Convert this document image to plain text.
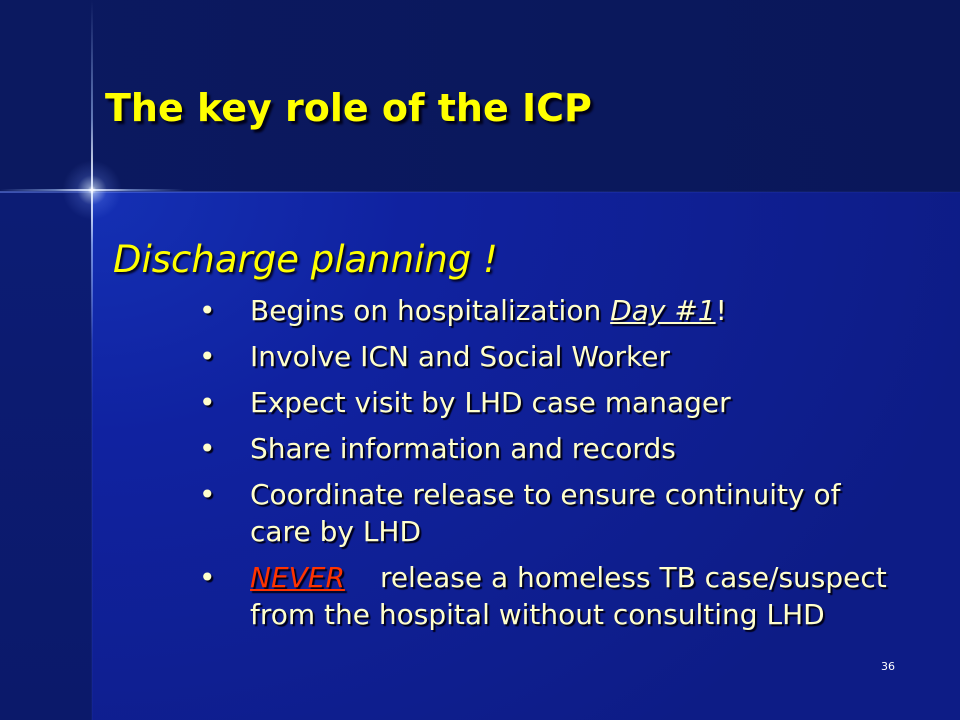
The key role of the ICP
Discharge planning !
•	Begins on hospitalization Day #1!
•	Involve ICN and Social Worker
•	Expect visit by LHD case manager
•	Share information and records
•	Coordinate release to ensure continuity of
care by LHD
•	NEVER release a homeless TB case/suspect
from the hospital without consulting LHD
36
